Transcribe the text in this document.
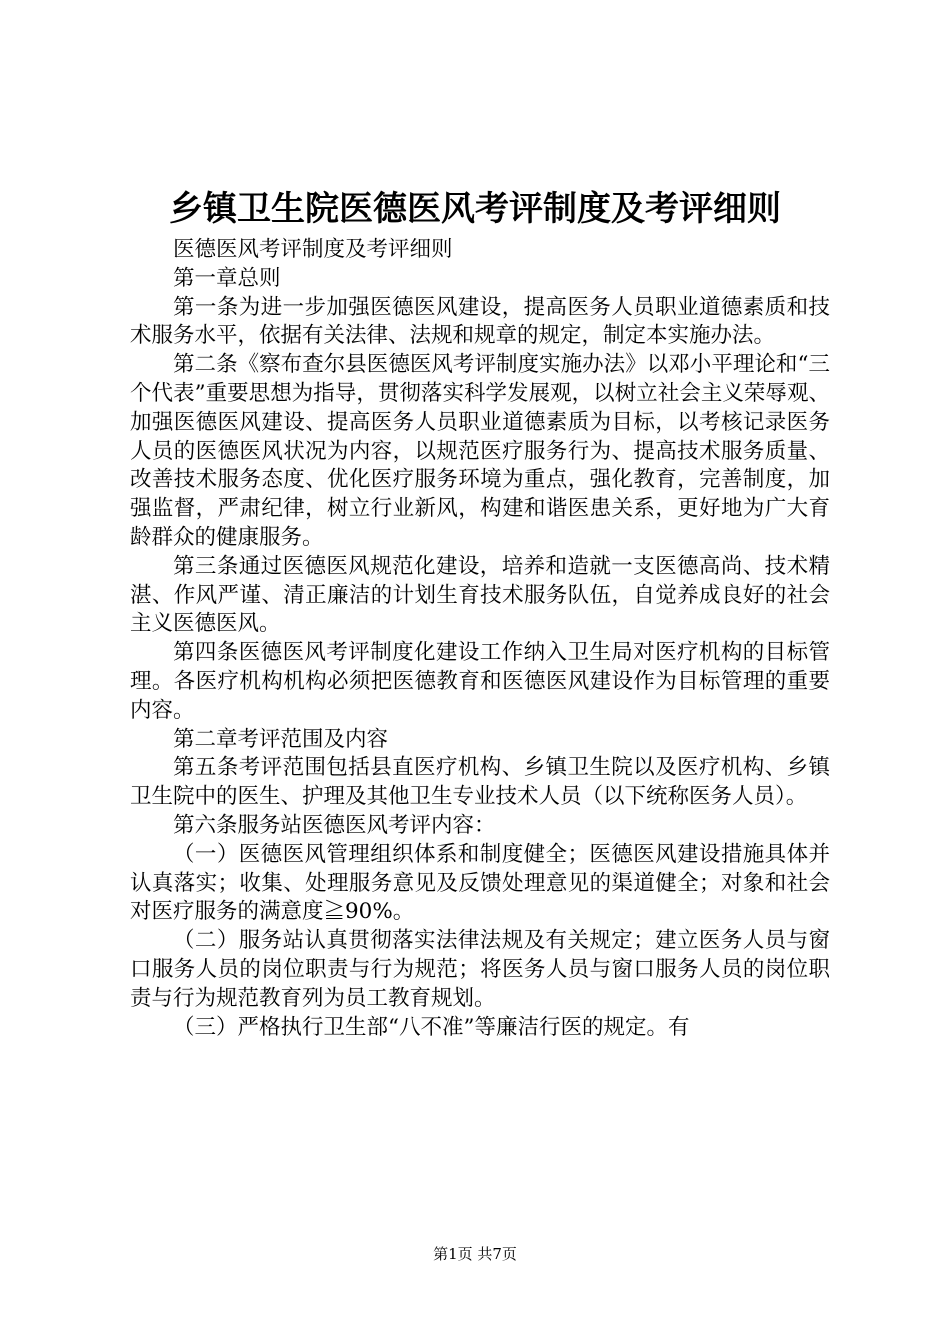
乡镇卫生院医德医风考评制度及考评细则

医德医风考评制度及考评细则

第一章总则

第一条为进一步加强医德医风建设，提高医务人员职业道德素质和技术服务水平，依据有关法律、法规和规章的规定，制定本实施办法。

第二条《察布查尔县医德医风考评制度实施办法》以邓小平理论和“三个代表”重要思想为指导，贯彻落实科学发展观，以树立社会主义荣辱观、加强医德医风建设、提高医务人员职业道德素质为目标，以考核记录医务人员的医德医风状况为内容，以规范医疗服务行为、提高技术服务质量、改善技术服务态度、优化医疗服务环境为重点，强化教育，完善制度，加强监督，严肃纪律，树立行业新风，构建和谐医患关系，更好地为广大育龄群众的健康服务。

第三条通过医德医风规范化建设，培养和造就一支医德高尚、技术精湛、作风严谨、清正廉洁的计划生育技术服务队伍，自觉养成良好的社会主义医德医风。

第四条医德医风考评制度化建设工作纳入卫生局对医疗机构的目标管理。各医疗机构机构必须把医德教育和医德医风建设作为目标管理的重要内容。

第二章考评范围及内容

第五条考评范围包括县直医疗机构、乡镇卫生院以及医疗机构、乡镇卫生院中的医生、护理及其他卫生专业技术人员（以下统称医务人员）。

第六条服务站医德医风考评内容：

（一）医德医风管理组织体系和制度健全；医德医风建设措施具体并认真落实；收集、处理服务意见及反馈处理意见的渠道健全；对象和社会对医疗服务的满意度≧90%。

（二）服务站认真贯彻落实法律法规及有关规定；建立医务人员与窗口服务人员的岗位职责与行为规范；将医务人员与窗口服务人员的岗位职责与行为规范教育列为员工教育规划。

（三）严格执行卫生部“八不准”等廉洁行医的规定。有

第1页 共7页
